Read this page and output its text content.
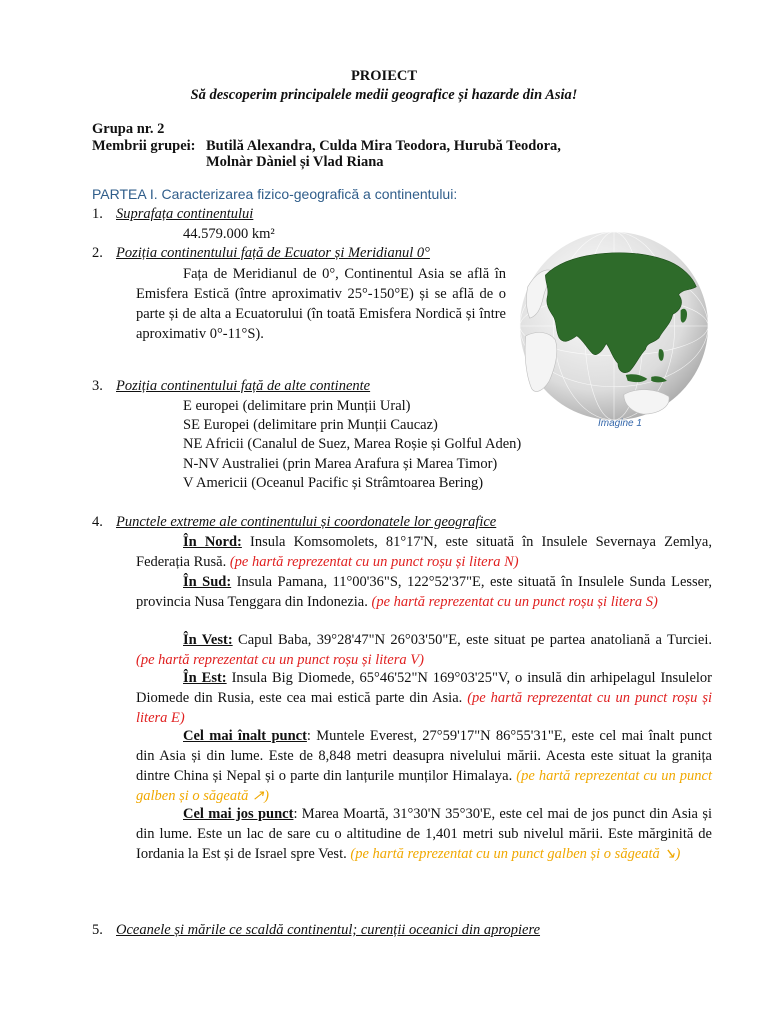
PROIECT
Să descoperim principalele medii geografice și hazarde din Asia!
Grupa nr. 2
Membrii grupei: Butilă Alexandra, Culda Mira Teodora, Hurubă Teodora,
Molnàr Dàniel și Vlad Riana
PARTEA I. Caracterizarea fizico-geografică a continentului:
1. Suprafața continentului
44.579.000 km²
2. Poziția continentului față de Ecuator și Meridianul 0°
Fața de Meridianul de 0°, Continentul Asia se află în Emisfera Estică (între aproximativ 25°-150°E) și se află de o parte și de alta a Ecuatorului (în toată Emisfera Nordică și între aproximativ 0°-11°S).
Imagine 1
3. Poziția continentului față de alte continente
E europei (delimitare prin Munții Ural)
SE Europei (delimitare prin Munții Caucaz)
NE Africii (Canalul de Suez, Marea Roșie și Golful Aden)
N-NV Australiei (prin Marea Arafura și Marea Timor)
V Americii (Oceanul Pacific și Strâmtoarea Bering)
4. Punctele extreme ale continentului și coordonatele lor geografice
În Nord: Insula Komsomolets, 81°17'N, este situată în Insulele Severnaya Zemlya, Federația Rusă. (pe hartă reprezentat cu un punct roșu și litera N)
În Sud: Insula Pamana, 11°00'36"S, 122°52'37"E, este situată în Insulele Sunda Lesser, provincia Nusa Tenggara din Indonezia. (pe hartă reprezentat cu un punct roșu și litera S)
În Vest: Capul Baba, 39°28'47"N 26°03'50"E, este situat pe partea anatoliană a Turciei. (pe hartă reprezentat cu un punct roșu și litera V)
În Est: Insula Big Diomede, 65°46'52"N 169°03'25"V, o insulă din arhipelagul Insulelor Diomede din Rusia, este cea mai estică parte din Asia. (pe hartă reprezentat cu un punct roșu și litera E)
Cel mai înalt punct: Muntele Everest, 27°59'17"N 86°55'31"E, este cel mai înalt punct din Asia și din lume. Este de 8,848 metri deasupra nivelului mării. Acesta este situat la granița dintre China și Nepal și o parte din lanțurile munților Himalaya. (pe hartă reprezentat cu un punct galben și o săgeată ↗)
Cel mai jos punct: Marea Moartă, 31°30'N 35°30'E, este cel mai de jos punct din Asia și din lume. Este un lac de sare cu o altitudine de 1,401 metri sub nivelul mării. Este mărginită de Iordania la Est și de Israel spre Vest. (pe hartă reprezentat cu un punct galben și o săgeată ↘)
5. Oceanele și mările ce scaldă continentul; curenții oceanici din apropiere
